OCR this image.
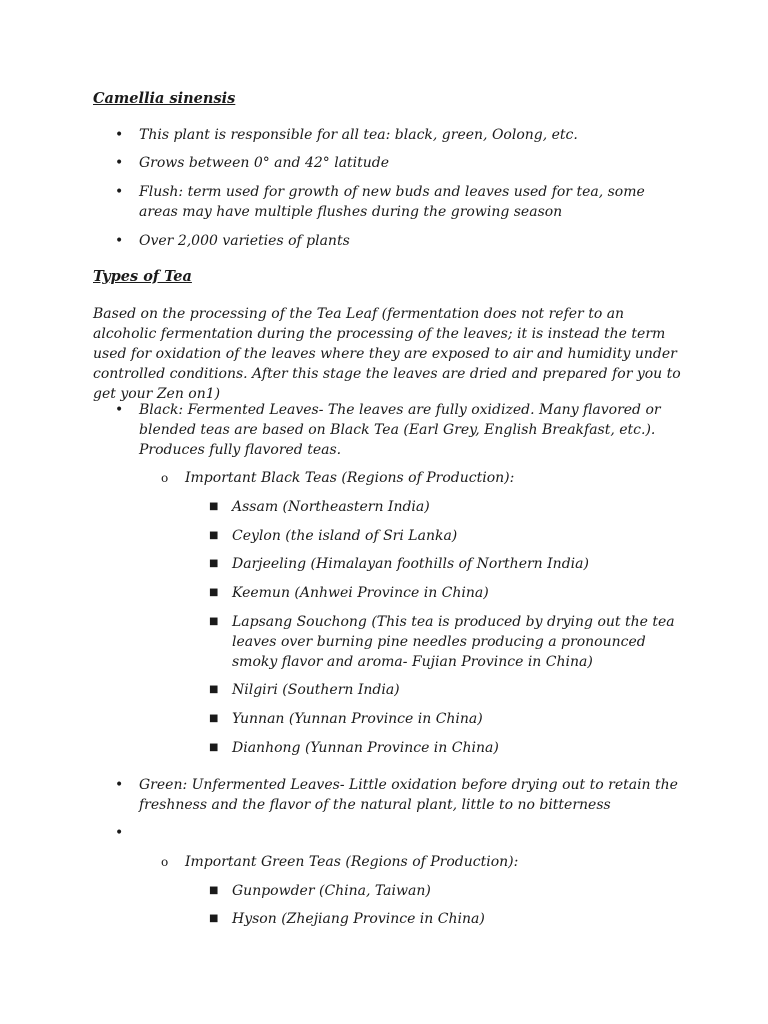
Camellia sinensis
• This plant is responsible for all tea: black, green, Oolong, etc.
• Grows between 0° and 42° latitude
• Flush: term used for growth of new buds and leaves used for tea, some areas may have multiple flushes during the growing season
• Over 2,000 varieties of plants
Types of Tea
Based on the processing of the Tea Leaf (fermentation does not refer to an alcoholic fermentation during the processing of the leaves; it is instead the term used for oxidation of the leaves where they are exposed to air and humidity under controlled conditions. After this stage the leaves are dried and prepared for you to get your Zen on1)
• Black: Fermented Leaves- The leaves are fully oxidized. Many flavored or blended teas are based on Black Tea (Earl Grey, English Breakfast, etc.). Produces fully flavored teas.
o Important Black Teas (Regions of Production):
■ Assam (Northeastern India)
■ Ceylon (the island of Sri Lanka)
■ Darjeeling (Himalayan foothills of Northern India)
■ Keemun (Anhwei Province in China)
■ Lapsang Souchong (This tea is produced by drying out the tea leaves over burning pine needles producing a pronounced smoky flavor and aroma- Fujian Province in China)
■ Nilgiri (Southern India)
■ Yunnan (Yunnan Province in China)
■ Dianhong (Yunnan Province in China)
• Green: Unfermented Leaves- Little oxidation before drying out to retain the freshness and the flavor of the natural plant, little to no bitterness
•
o Important Green Teas (Regions of Production):
■ Gunpowder (China, Taiwan)
■ Hyson (Zhejiang Province in China)
